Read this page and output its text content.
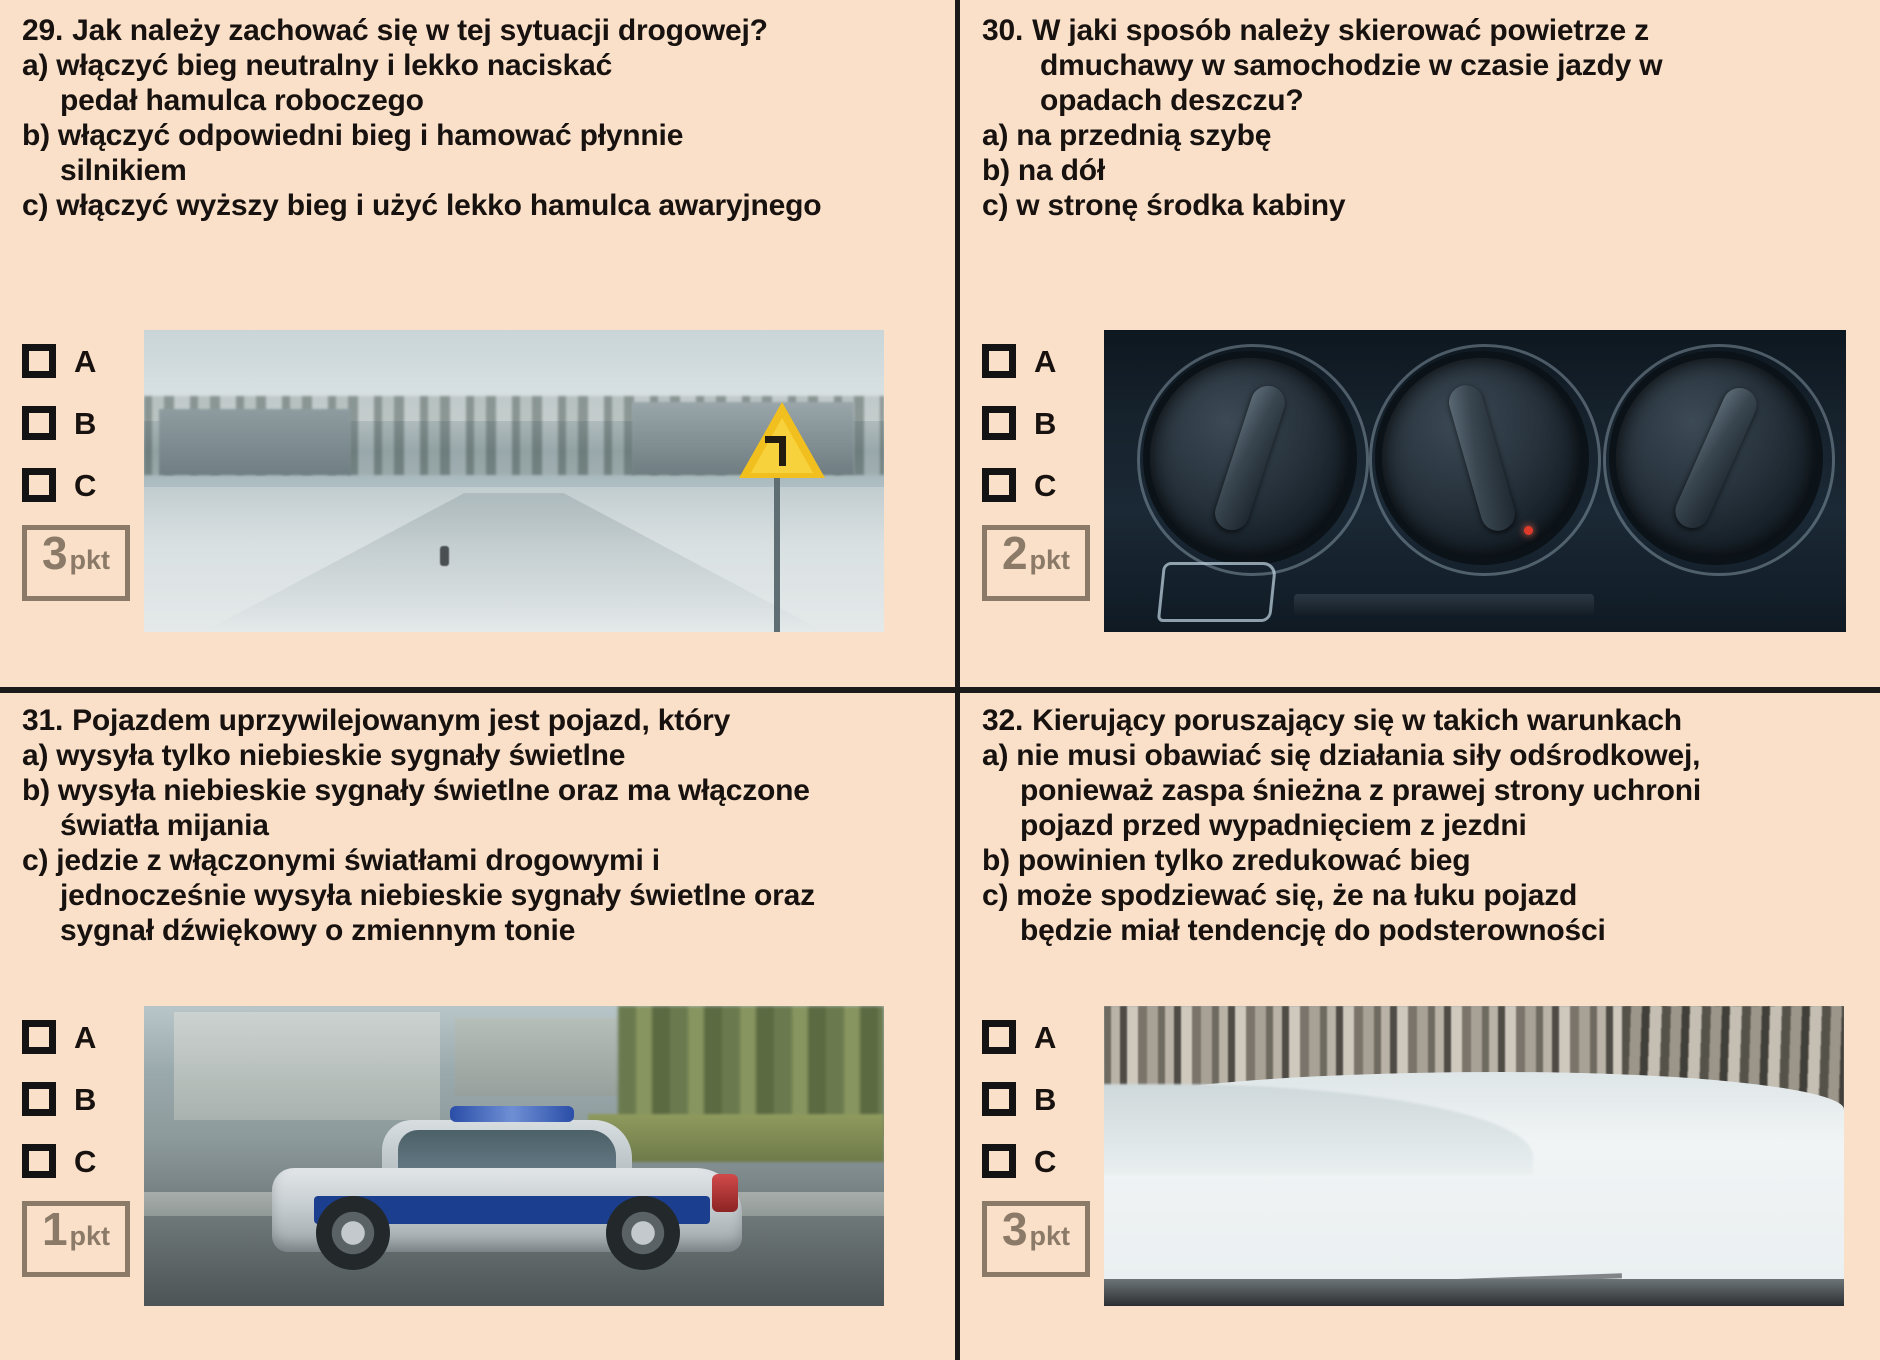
29. Jak należy zachować się w tej sytuacji drogowej?
a) włączyć bieg neutralny i lekko naciskać
pedał hamulca roboczego
b) włączyć odpowiedni bieg i hamować płynnie
silnikiem
c) włączyć wyższy bieg i użyć lekko hamulca awaryjnego
A
B
C
3 pkt
30. W jaki sposób należy skierować powietrze z
dmuchawy w samochodzie w czasie jazdy w
opadach deszczu?
a) na przednią szybę
b) na dół
c) w stronę środka kabiny
A
B
C
2 pkt
31. Pojazdem uprzywilejowanym jest pojazd, który
a) wysyła tylko niebieskie sygnały świetlne
b) wysyła niebieskie sygnały świetlne oraz ma włączone
światła mijania
c) jedzie z włączonymi światłami drogowymi i
jednocześnie wysyła niebieskie sygnały świetlne oraz
sygnał dźwiękowy o zmiennym tonie
A
B
C
1 pkt
32. Kierujący poruszający się w takich warunkach
a) nie musi obawiać się działania siły odśrodkowej,
ponieważ zaspa śnieżna z prawej strony uchroni
pojazd przed wypadnięciem z jezdni
b) powinien tylko zredukować bieg
c) może spodziewać się, że na łuku pojazd
będzie miał tendencję do podsterowności
A
B
C
3 pkt
